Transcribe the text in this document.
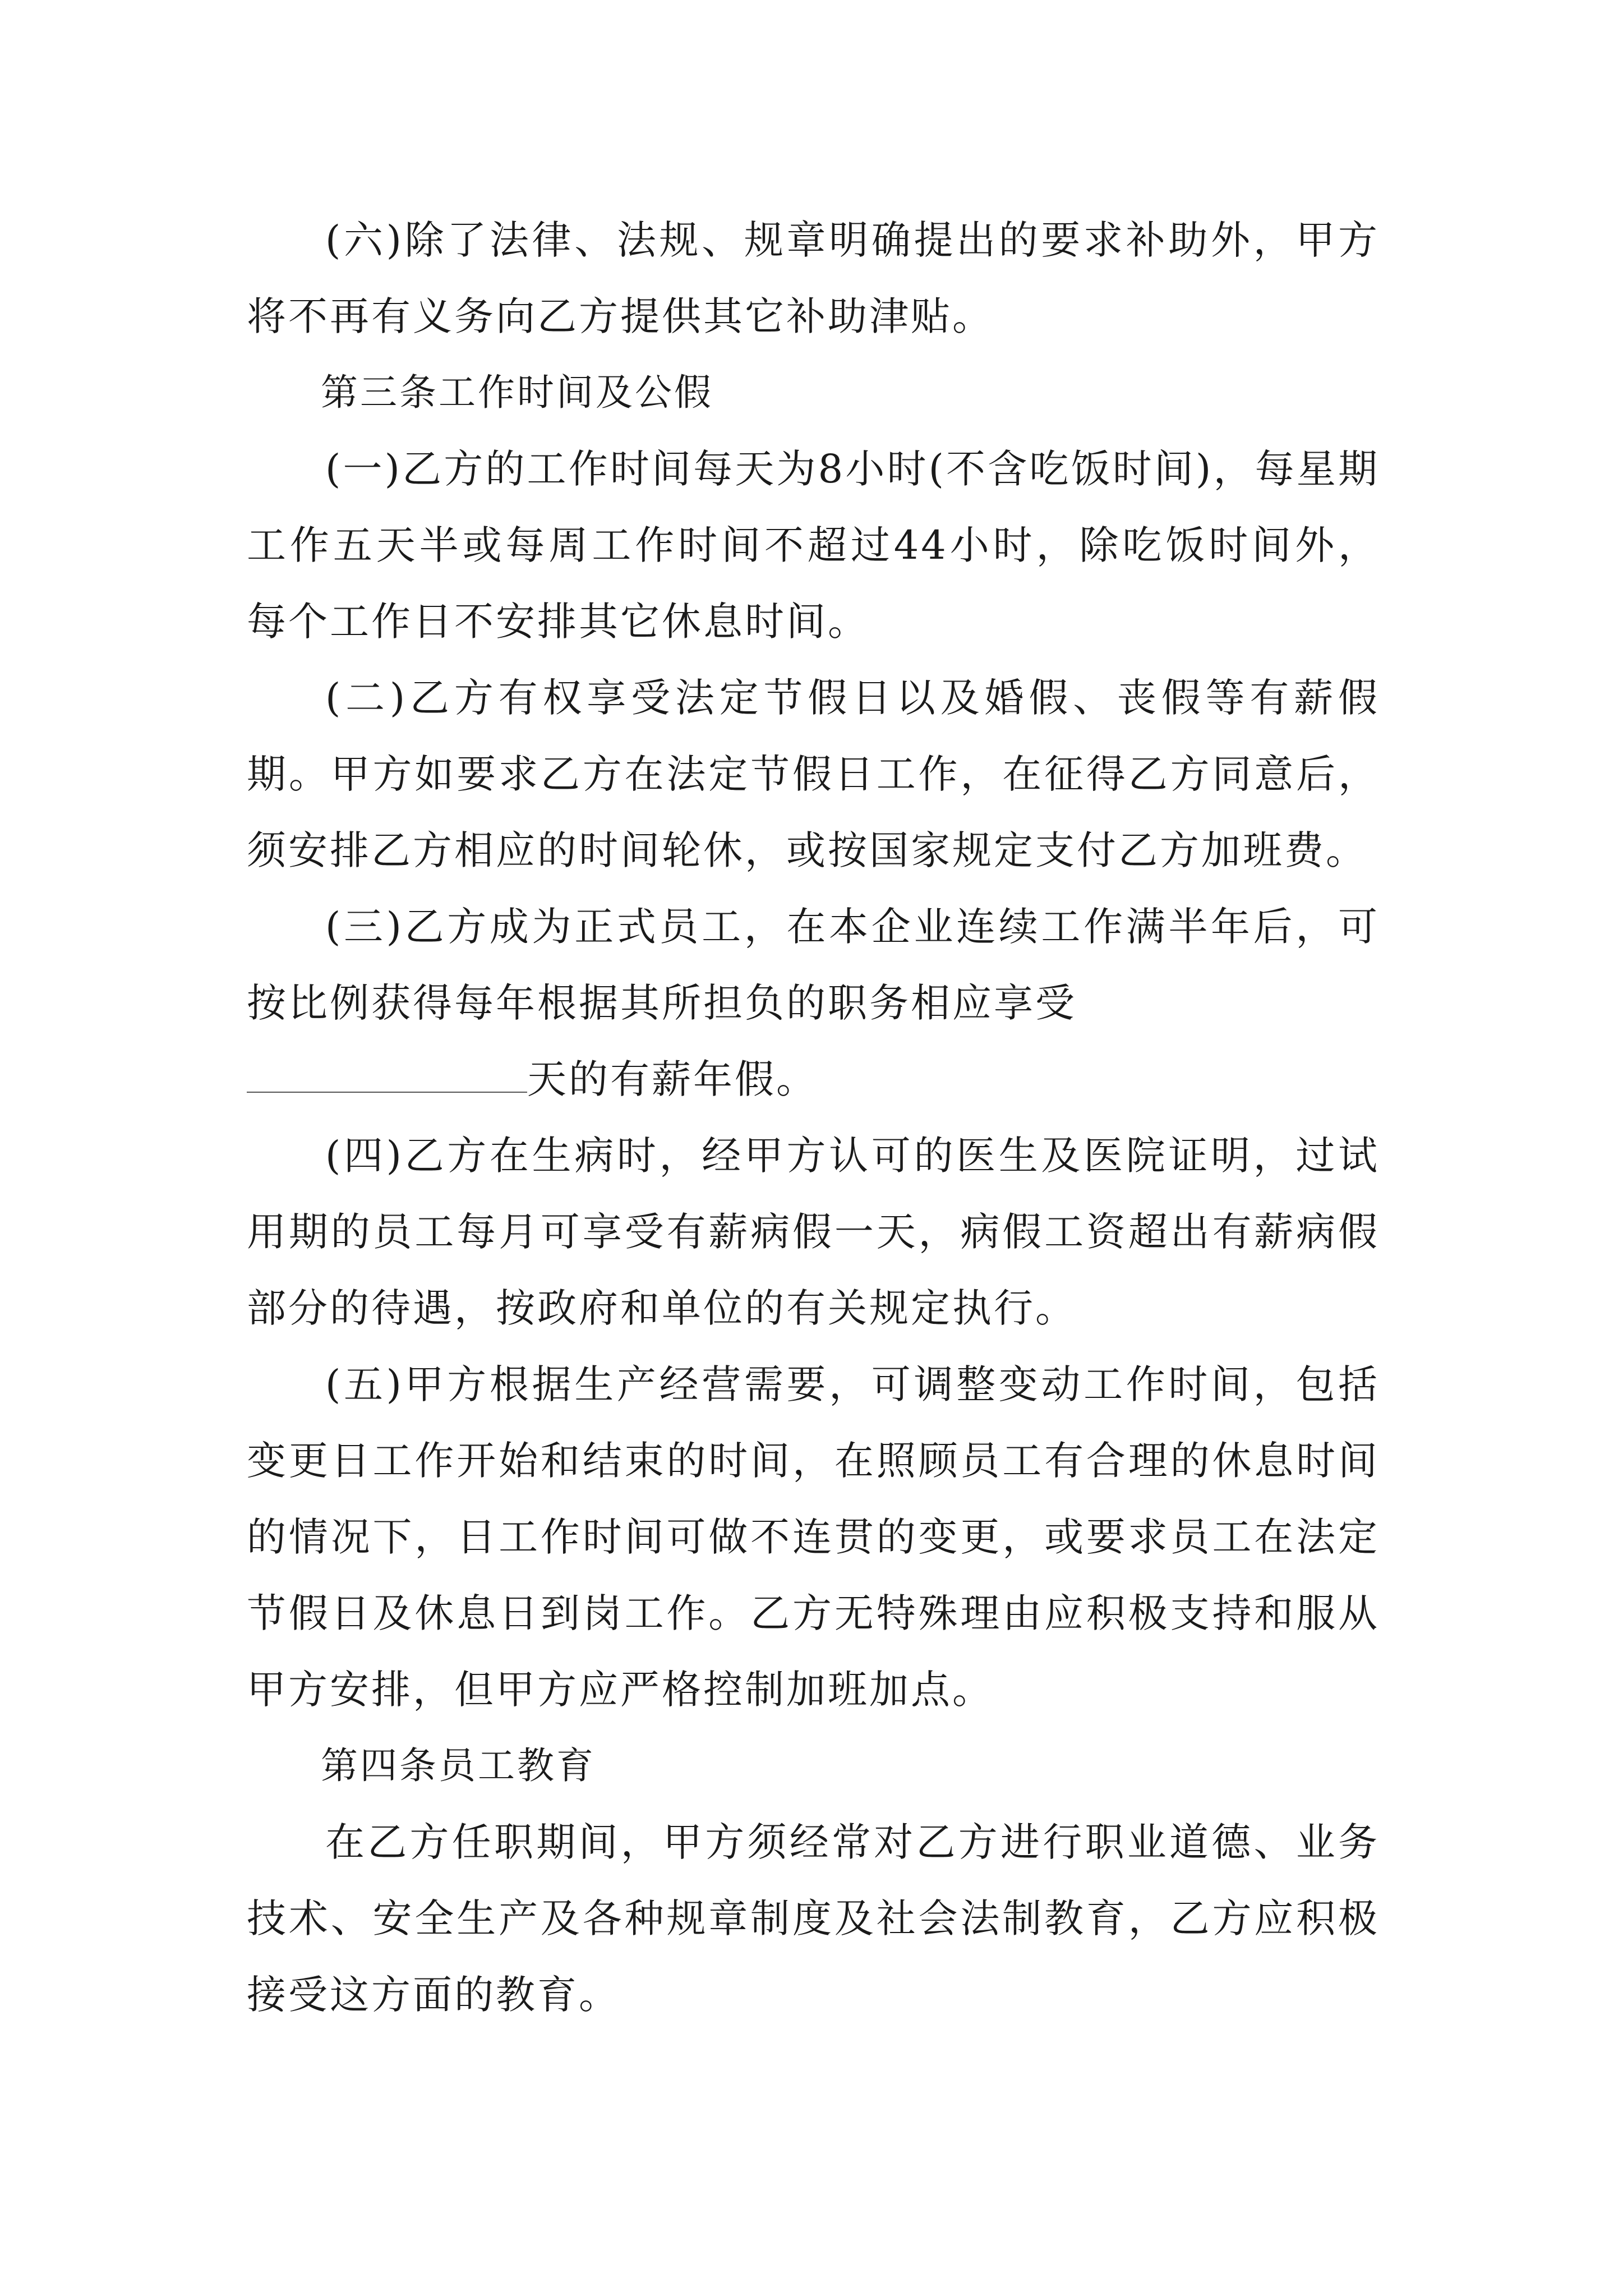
(六)除了法律、法规、规章明确提出的要求补助外，甲方将不再有义务向乙方提供其它补助津贴。

第三条工作时间及公假

(一)乙方的工作时间每天为8小时(不含吃饭时间)，每星期工作五天半或每周工作时间不超过44小时，除吃饭时间外，每个工作日不安排其它休息时间。

(二)乙方有权享受法定节假日以及婚假、丧假等有薪假期。甲方如要求乙方在法定节假日工作，在征得乙方同意后，须安排乙方相应的时间轮休，或按国家规定支付乙方加班费。

(三)乙方成为正式员工，在本企业连续工作满半年后，可按比例获得每年根据其所担负的职务相应享受
天的有薪年假。

(四)乙方在生病时，经甲方认可的医生及医院证明，过试用期的员工每月可享受有薪病假一天，病假工资超出有薪病假部分的待遇，按政府和单位的有关规定执行。

(五)甲方根据生产经营需要，可调整变动工作时间，包括变更日工作开始和结束的时间，在照顾员工有合理的休息时间的情况下，日工作时间可做不连贯的变更，或要求员工在法定节假日及休息日到岗工作。乙方无特殊理由应积极支持和服从甲方安排，但甲方应严格控制加班加点。

第四条员工教育

在乙方任职期间，甲方须经常对乙方进行职业道德、业务技术、安全生产及各种规章制度及社会法制教育，乙方应积极接受这方面的教育。
